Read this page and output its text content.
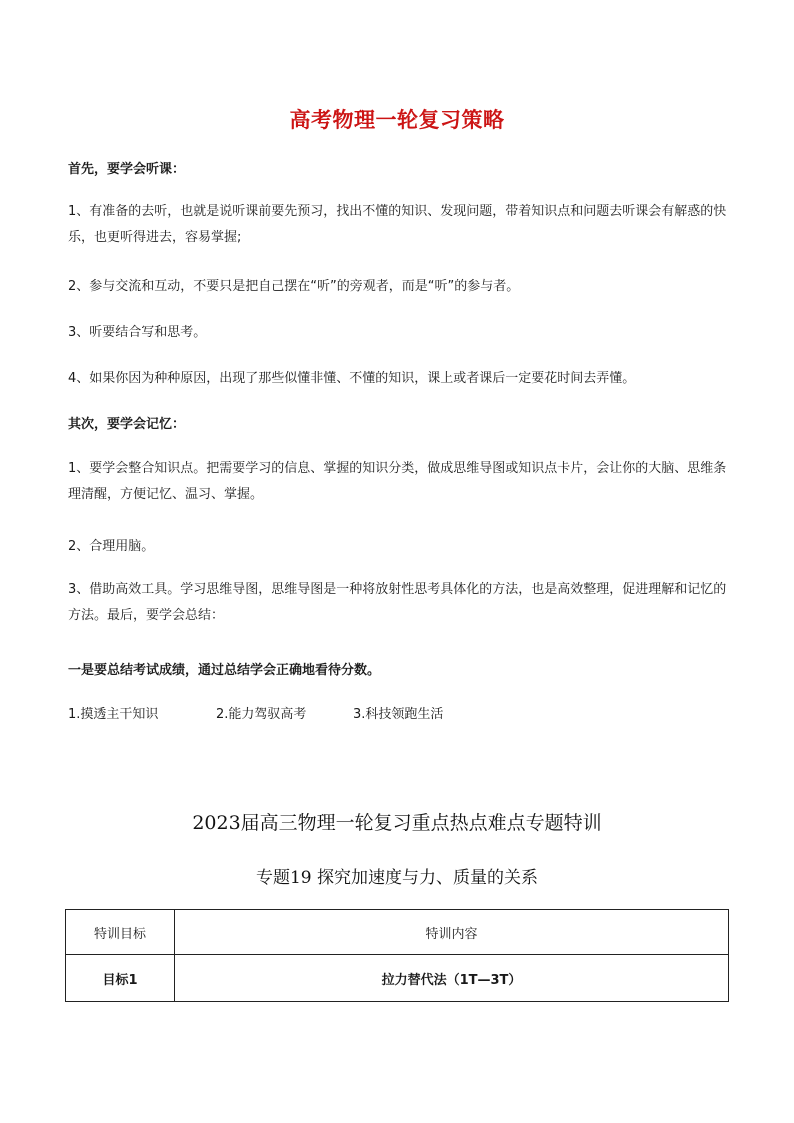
高考物理一轮复习策略
首先，要学会听课：
1、有准备的去听，也就是说听课前要先预习，找出不懂的知识、发现问题，带着知识点和问题去听课会有解惑的快乐，也更听得进去，容易掌握;
2、参与交流和互动，不要只是把自己摆在“听”的旁观者，而是“听”的参与者。
3、听要结合写和思考。
4、如果你因为种种原因，出现了那些似懂非懂、不懂的知识，课上或者课后一定要花时间去弄懂。
其次，要学会记忆：
1、要学会整合知识点。把需要学习的信息、掌握的知识分类，做成思维导图或知识点卡片，会让你的大脑、思维条理清醒，方便记忆、温习、掌握。
2、合理用脑。
3、借助高效工具。学习思维导图，思维导图是一种将放射性思考具体化的方法，也是高效整理，促进理解和记忆的方法。最后，要学会总结：
一是要总结考试成绩，通过总结学会正确地看待分数。
1.摸透主干知识	2.能力驾驭高考	3.科技领跑生活
2023届高三物理一轮复习重点热点难点专题特训
专题19 探究加速度与力、质量的关系
特训目标	特训内容
目标1	拉力替代法（1T—3T）
